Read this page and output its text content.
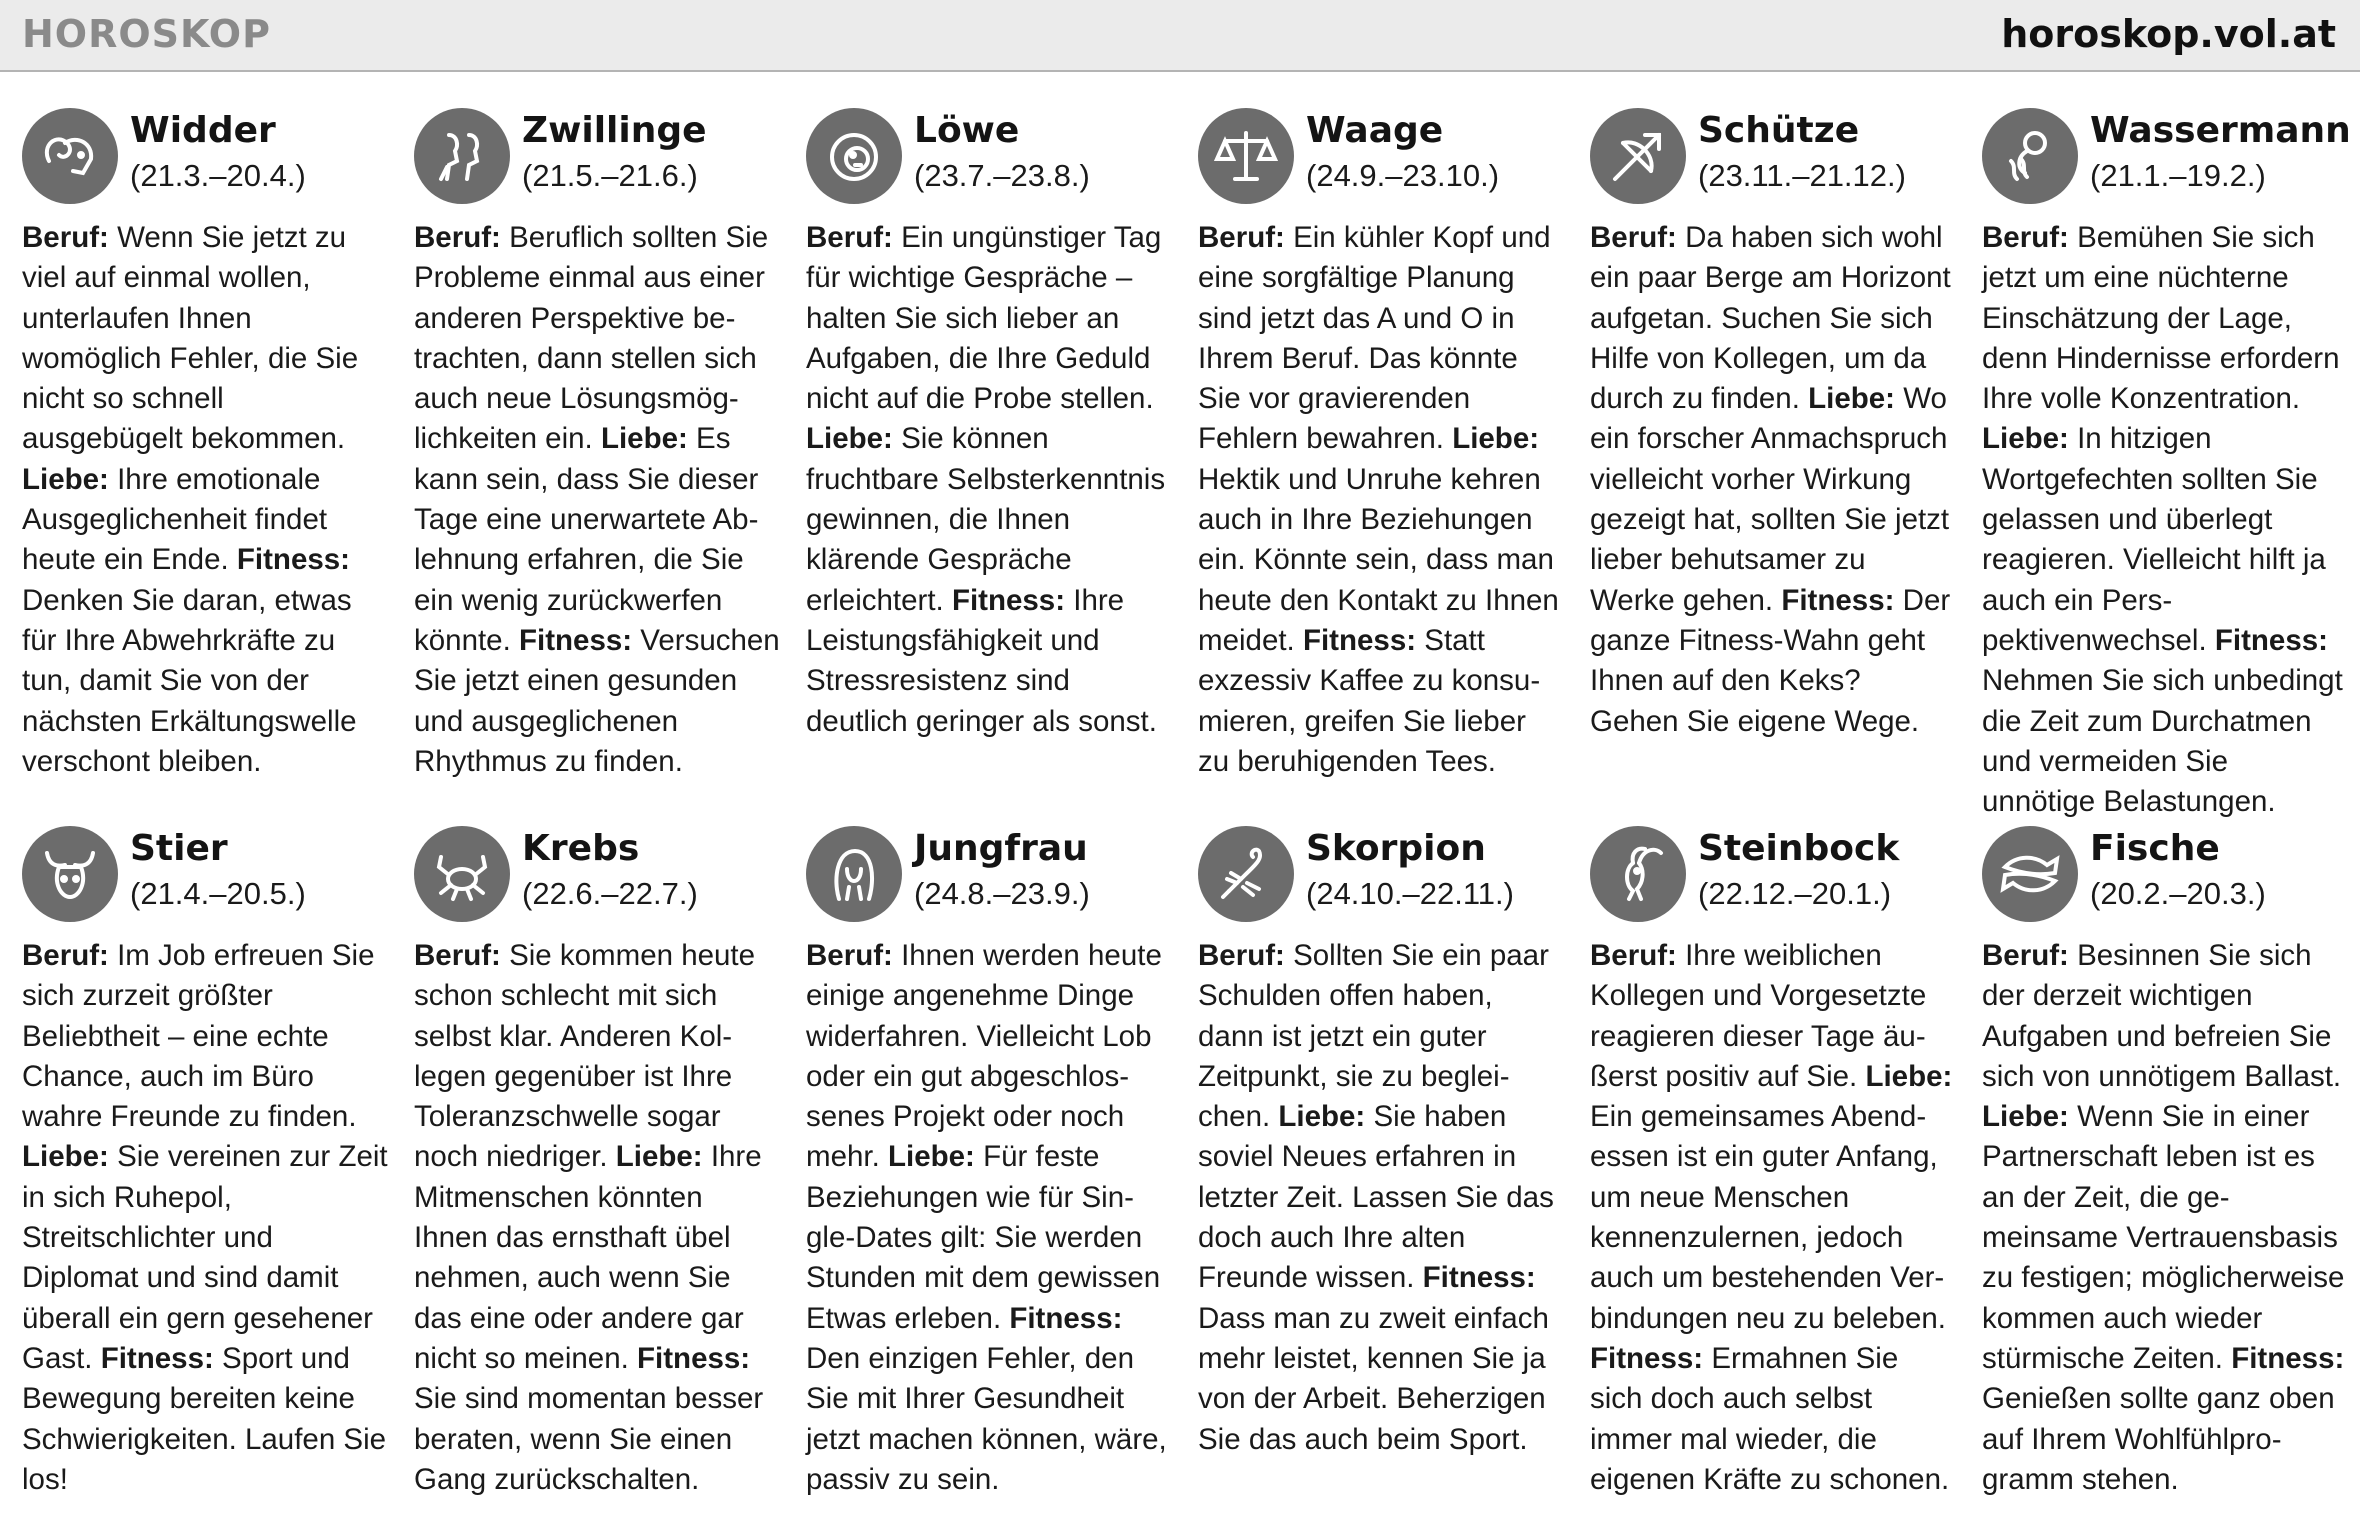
HOROSKOP	horoskop.vol.at
Widder
(21.3.–20.4.)
Beruf: Wenn Sie jetzt zu viel auf einmal wollen, unterlaufen Ihnen womöglich Fehler, die Sie nicht so schnell ausgebügelt bekommen. Liebe: Ihre emotionale Ausgeglichenheit findet heute ein Ende. Fitness: Denken Sie daran, etwas für Ihre Abwehrkräfte zu tun, damit Sie von der nächsten Erkältungswelle verschont bleiben.
Zwillinge
(21.5.–21.6.)
Beruf: Beruflich sollten Sie Probleme einmal aus einer anderen Perspektive betrachten, dann stellen sich auch neue Lösungsmöglichkeiten ein. Liebe: Es kann sein, dass Sie dieser Tage eine unerwartete Ablehnung erfahren, die Sie ein wenig zurückwerfen könnte. Fitness: Versuchen Sie jetzt einen gesunden und ausgeglichenen Rhythmus zu finden.
Löwe
(23.7.–23.8.)
Beruf: Ein ungünstiger Tag für wichtige Gespräche – halten Sie sich lieber an Aufgaben, die Ihre Geduld nicht auf die Probe stellen. Liebe: Sie können fruchtbare Selbsterkenntnis gewinnen, die Ihnen klärende Gespräche erleichtert. Fitness: Ihre Leistungsfähigkeit und Stressresistenz sind deutlich geringer als sonst.
Waage
(24.9.–23.10.)
Beruf: Ein kühler Kopf und eine sorgfältige Planung sind jetzt das A und O in Ihrem Beruf. Das könnte Sie vor gravierenden Fehlern bewahren. Liebe: Hektik und Unruhe kehren auch in Ihre Beziehungen ein. Könnte sein, dass man heute den Kontakt zu Ihnen meidet. Fitness: Statt exzessiv Kaffee zu konsumieren, greifen Sie lieber zu beruhigenden Tees.
Schütze
(23.11.–21.12.)
Beruf: Da haben sich wohl ein paar Berge am Horizont aufgetan. Suchen Sie sich Hilfe von Kollegen, um da durch zu finden. Liebe: Wo ein forscher Anmachspruch vielleicht vorher Wirkung gezeigt hat, sollten Sie jetzt lieber behutsamer zu Werke gehen. Fitness: Der ganze Fitness-Wahn geht Ihnen auf den Keks? Gehen Sie eigene Wege.
Wassermann
(21.1.–19.2.)
Beruf: Bemühen Sie sich jetzt um eine nüchterne Einschätzung der Lage, denn Hindernisse erfordern Ihre volle Konzentration. Liebe: In hitzigen Wortgefechten sollten Sie gelassen und überlegt reagieren. Vielleicht hilft ja auch ein Perspektivenwechsel. Fitness: Nehmen Sie sich unbedingt die Zeit zum Durchatmen und vermeiden Sie unnötige Belastungen.
Stier
(21.4.–20.5.)
Beruf: Im Job erfreuen Sie sich zurzeit größter Beliebtheit – eine echte Chance, auch im Büro wahre Freunde zu finden. Liebe: Sie vereinen zur Zeit in sich Ruhepol, Streitschlichter und Diplomat und sind damit überall ein gern gesehener Gast. Fitness: Sport und Bewegung bereiten keine Schwierigkeiten. Laufen Sie los!
Krebs
(22.6.–22.7.)
Beruf: Sie kommen heute schon schlecht mit sich selbst klar. Anderen Kollegen gegenüber ist Ihre Toleranzschwelle sogar noch niedriger. Liebe: Ihre Mitmenschen könnten Ihnen das ernsthaft übel nehmen, auch wenn Sie das eine oder andere gar nicht so meinen. Fitness: Sie sind momentan besser beraten, wenn Sie einen Gang zurückschalten.
Jungfrau
(24.8.–23.9.)
Beruf: Ihnen werden heute einige angenehme Dinge widerfahren. Vielleicht Lob oder ein gut abgeschlossenes Projekt oder noch mehr. Liebe: Für feste Beziehungen wie für Single-Dates gilt: Sie werden Stunden mit dem gewissen Etwas erleben. Fitness: Den einzigen Fehler, den Sie mit Ihrer Gesundheit jetzt machen können, wäre, passiv zu sein.
Skorpion
(24.10.–22.11.)
Beruf: Sollten Sie ein paar Schulden offen haben, dann ist jetzt ein guter Zeitpunkt, sie zu begleichen. Liebe: Sie haben soviel Neues erfahren in letzter Zeit. Lassen Sie das doch auch Ihre alten Freunde wissen. Fitness: Dass man zu zweit einfach mehr leistet, kennen Sie ja von der Arbeit. Beherzigen Sie das auch beim Sport.
Steinbock
(22.12.–20.1.)
Beruf: Ihre weiblichen Kollegen und Vorgesetzte reagieren dieser Tage äußerst positiv auf Sie. Liebe: Ein gemeinsames Abendessen ist ein guter Anfang, um neue Menschen kennenzulernen, jedoch auch um bestehenden Verbindungen neu zu beleben. Fitness: Ermahnen Sie sich doch auch selbst immer mal wieder, die eigenen Kräfte zu schonen.
Fische
(20.2.–20.3.)
Beruf: Besinnen Sie sich der derzeit wichtigen Aufgaben und befreien Sie sich von unnötigem Ballast. Liebe: Wenn Sie in einer Partnerschaft leben ist es an der Zeit, die gemeinsame Vertrauensbasis zu festigen; möglicherweise kommen auch wieder stürmische Zeiten. Fitness: Genießen sollte ganz oben auf Ihrem Wohlfühlprogramm stehen.
